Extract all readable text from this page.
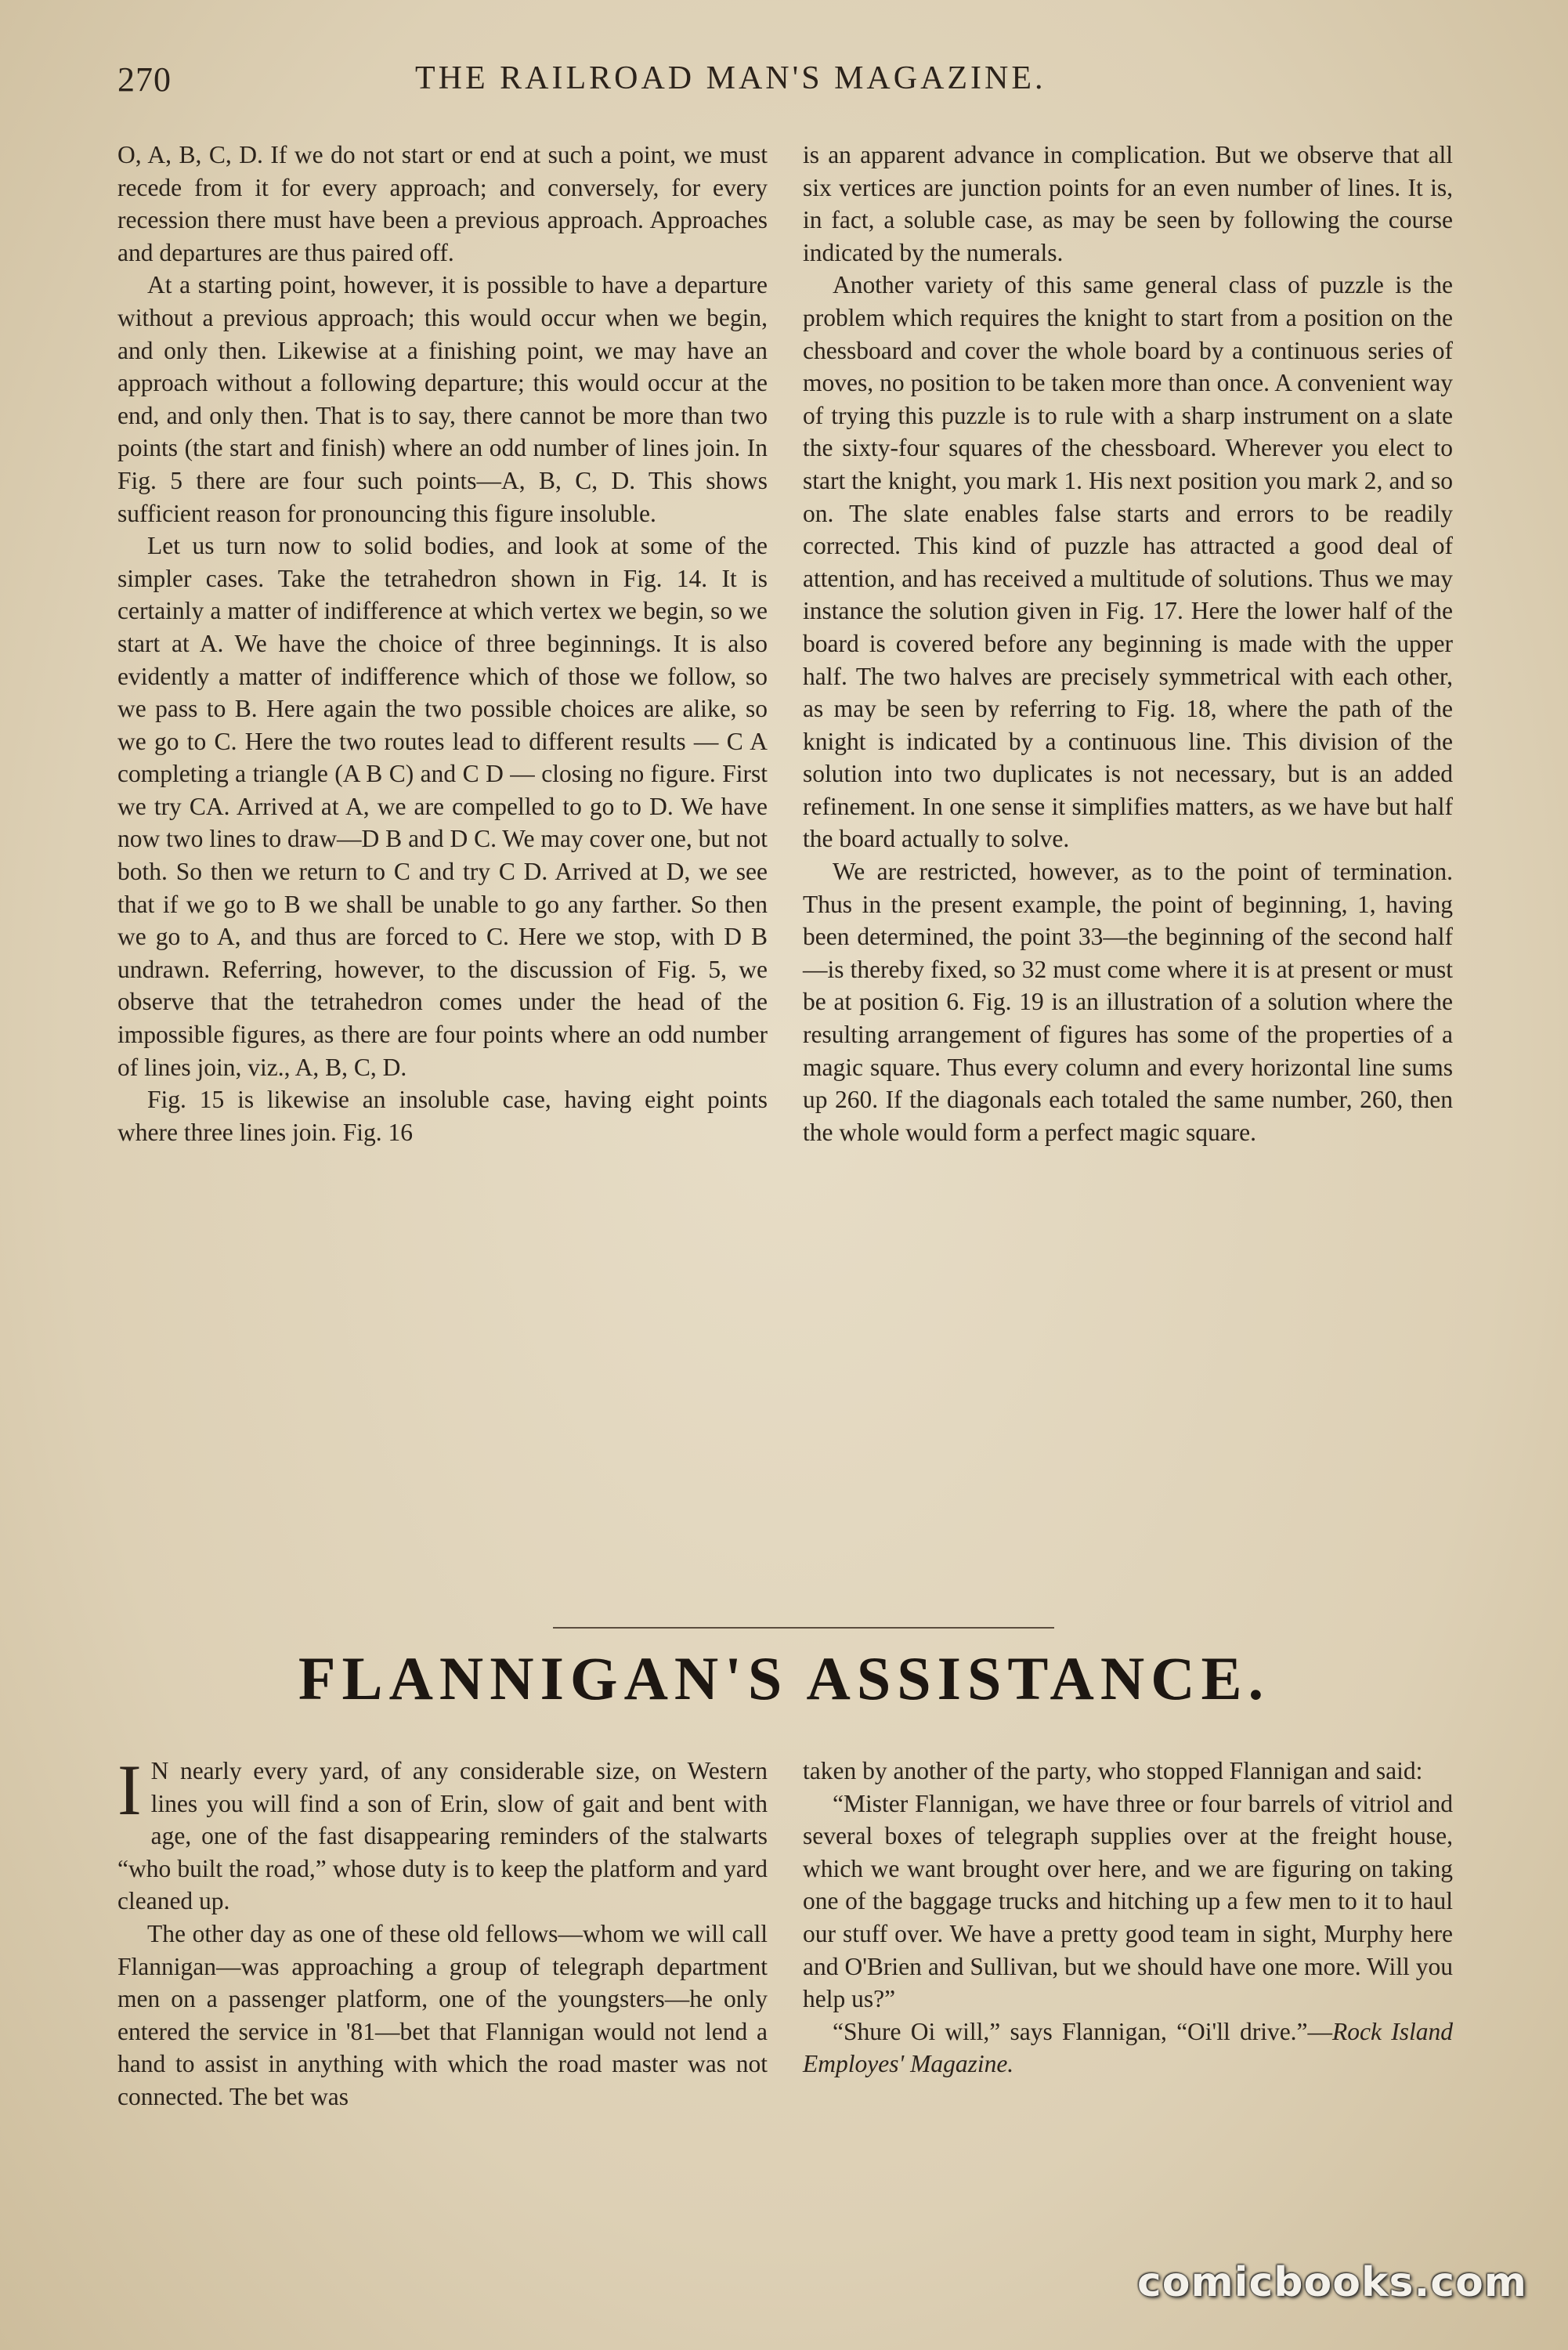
270	THE RAILROAD MAN'S MAGAZINE.

O, A, B, C, D. If we do not start or end at such a point, we must recede from it for every approach; and conversely, for every recession there must have been a previous approach. Approaches and departures are thus paired off.

At a starting point, however, it is possible to have a departure without a previous approach; this would occur when we begin, and only then. Likewise at a finishing point, we may have an approach without a following departure; this would occur at the end, and only then. That is to say, there cannot be more than two points (the start and finish) where an odd number of lines join. In Fig. 5 there are four such points—A, B, C, D. This shows sufficient reason for pronouncing this figure insoluble.

Let us turn now to solid bodies, and look at some of the simpler cases. Take the tetrahedron shown in Fig. 14. It is certainly a matter of indifference at which vertex we begin, so we start at A. We have the choice of three beginnings. It is also evidently a matter of indifference which of those we follow, so we pass to B. Here again the two possible choices are alike, so we go to C. Here the two routes lead to different results — C A completing a triangle (A B C) and C D — closing no figure. First we try CA. Arrived at A, we are compelled to go to D. We have now two lines to draw—D B and D C. We may cover one, but not both. So then we return to C and try C D. Arrived at D, we see that if we go to B we shall be unable to go any farther. So then we go to A, and thus are forced to C. Here we stop, with D B undrawn. Referring, however, to the discussion of Fig. 5, we observe that the tetrahedron comes under the head of the impossible figures, as there are four points where an odd number of lines join, viz., A, B, C, D.

Fig. 15 is likewise an insoluble case, having eight points where three lines join. Fig. 16

is an apparent advance in complication. But we observe that all six vertices are junction points for an even number of lines. It is, in fact, a soluble case, as may be seen by following the course indicated by the numerals.

Another variety of this same general class of puzzle is the problem which requires the knight to start from a position on the chessboard and cover the whole board by a continuous series of moves, no position to be taken more than once. A convenient way of trying this puzzle is to rule with a sharp instrument on a slate the sixty-four squares of the chessboard. Wherever you elect to start the knight, you mark 1. His next position you mark 2, and so on. The slate enables false starts and errors to be readily corrected. This kind of puzzle has attracted a good deal of attention, and has received a multitude of solutions. Thus we may instance the solution given in Fig. 17. Here the lower half of the board is covered before any beginning is made with the upper half. The two halves are precisely symmetrical with each other, as may be seen by referring to Fig. 18, where the path of the knight is indicated by a continuous line. This division of the solution into two duplicates is not necessary, but is an added refinement. In one sense it simplifies matters, as we have but half the board actually to solve.

We are restricted, however, as to the point of termination. Thus in the present example, the point of beginning, 1, having been determined, the point 33—the beginning of the second half—is thereby fixed, so 32 must come where it is at present or must be at position 6. Fig. 19 is an illustration of a solution where the resulting arrangement of figures has some of the properties of a magic square. Thus every column and every horizontal line sums up 260. If the diagonals each totaled the same number, 260, then the whole would form a perfect magic square.

FLANNIGAN'S ASSISTANCE.

I N nearly every yard, of any considerable size, on Western lines you will find a son of Erin, slow of gait and bent with age, one of the fast disappearing reminders of the stalwarts “who built the road,” whose duty is to keep the platform and yard cleaned up.

The other day as one of these old fellows—whom we will call Flannigan—was approaching a group of telegraph department men on a passenger platform, one of the youngsters—he only entered the service in '81—bet that Flannigan would not lend a hand to assist in anything with which the road master was not connected. The bet was

taken by another of the party, who stopped Flannigan and said:

“Mister Flannigan, we have three or four barrels of vitriol and several boxes of telegraph supplies over at the freight house, which we want brought over here, and we are figuring on taking one of the baggage trucks and hitching up a few men to it to haul our stuff over. We have a pretty good team in sight, Murphy here and O'Brien and Sullivan, but we should have one more. Will you help us?”

“Shure Oi will,” says Flannigan, “Oi'll drive.”—Rock Island Employes' Magazine.

comicbooks.com
